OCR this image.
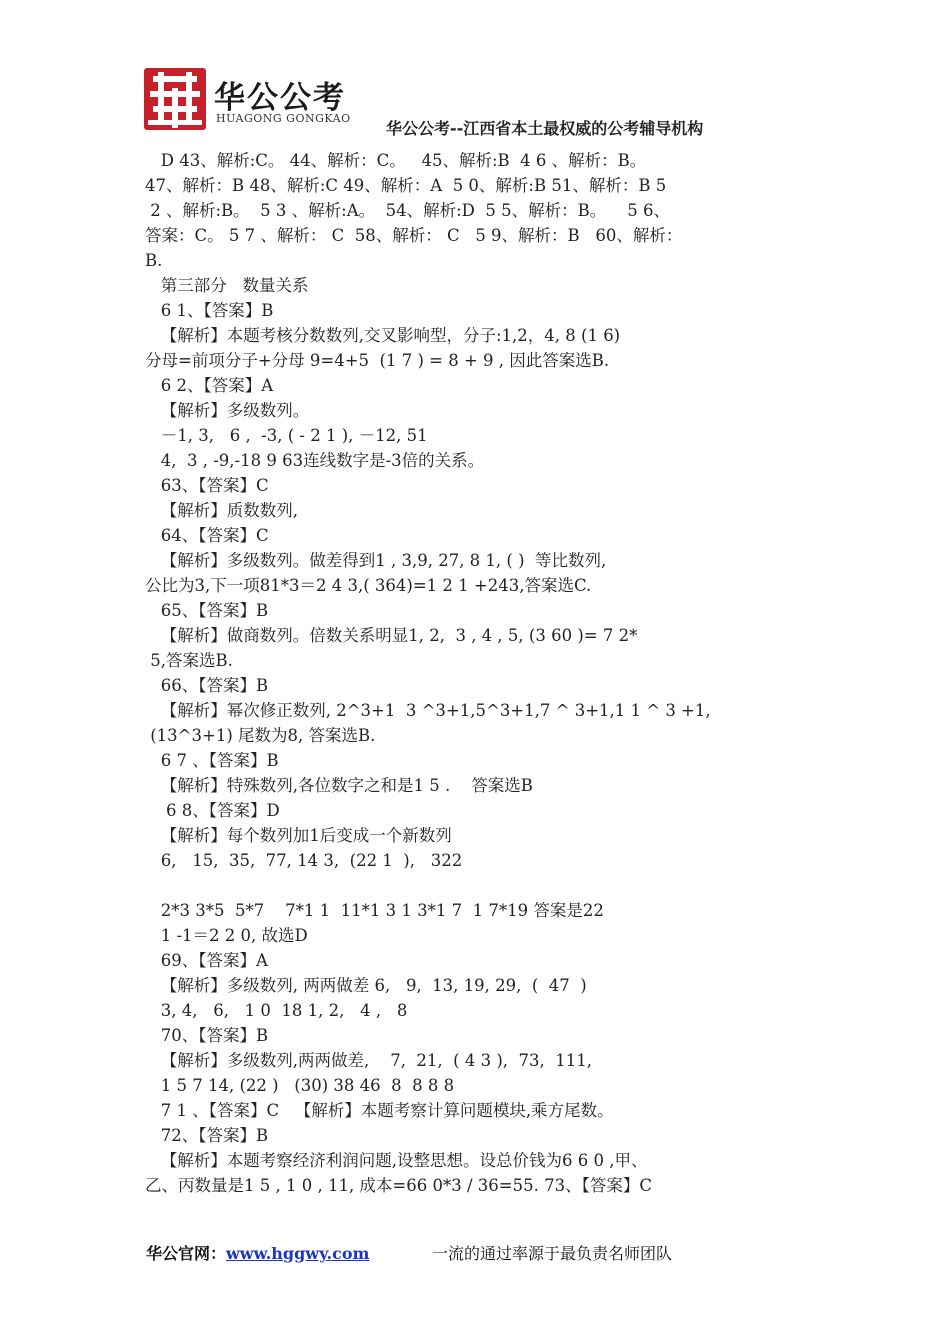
华公公考
HUAGONG GONGKAO
华公公考--江西省本土最权威的公考辅导机构
D 43、解析:C。 44、解析：C。   45、解析:B  4 6 、解析：B。
47、解析：B 48、解析:C 49、解析：A  5 0、解析:B 51、解析：B 5
2 、解析:B。  5 3 、解析:A。  54、解析:D  5 5、解析：B。    5 6、
答案：C。 5 7 、解析： C  58、解析： C   5 9、解析：B   60、解析：
B.
第三部分   数量关系
6 1、【答案】B
【解析】本题考核分数数列,交叉影响型，分子:1,2，4, 8 (1 6)
分母=前项分子+分母 9=4+5  (1 7 ) = 8 + 9 , 因此答案选B.
6 2、【答案】A
【解析】多级数列。
－1, 3,   6 ,  -3, ( - 2 1 ), －12, 51
4,  3 , -9,-18 9 63连线数字是-3倍的关系。
63、【答案】C
【解析】质数数列,
64、【答案】C
【解析】多级数列。做差得到1 , 3,9, 27, 8 1, ( )  等比数列,
公比为3,下一项81*3＝2 4 3,( 364)=1 2 1 +243,答案选C.
65、【答案】B
【解析】做商数列。倍数关系明显1, 2,  3 , 4 , 5, (3 60 )= 7 2*
5,答案选B.
66、【答案】B
【解析】幂次修正数列, 2^3+1  3 ^3+1,5^3+1,7 ^ 3+1,1 1 ^ 3 +1,
(13^3+1) 尾数为8, 答案选B.
6 7 、【答案】B
【解析】特殊数列,各位数字之和是1 5 .    答案选B
6 8、【答案】D
【解析】每个数列加1后变成一个新数列
6,   15,  35,  77, 14 3,  (22 1  ),   322
2*3 3*5  5*7    7*1 1  11*1 3 1 3*1 7  1 7*19 答案是22
1 -1＝2 2 0, 故选D
69、【答案】A
【解析】多级数列, 两两做差 6,   9,  13, 19, 29,  (  47  )
3, 4,   6,   1 0  18 1, 2,   4 ,   8
70、【答案】B
【解析】多级数列,两两做差,    7,  21,  ( 4 3 ),  73,  111,
1 5 7 14, (22 )   (30) 38 46  8  8 8 8
7 1 、【答案】C   【解析】本题考察计算问题模块,乘方尾数。
72、【答案】B
【解析】本题考察经济利润问题,设整思想。设总价钱为6 6 0 ,甲、
乙、丙数量是1 5 , 1 0 , 11, 成本=66 0*3 / 36=55. 73、【答案】C
华公官网：www.hggwy.com	一流的通过率源于最负责名师团队
